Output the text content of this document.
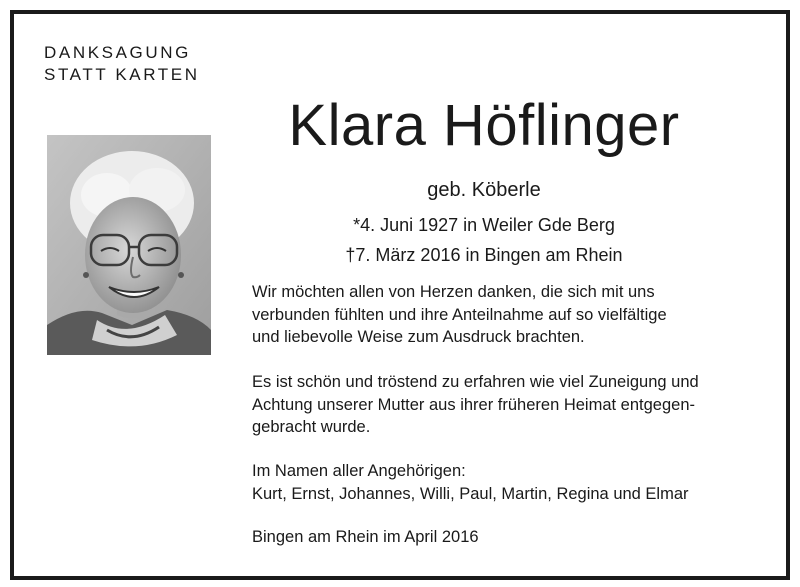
DANKSAGUNG
STATT KARTEN
Klara Höflinger
geb. Köberle
*4. Juni 1927 in Weiler Gde Berg
†7. März 2016 in Bingen am Rhein
Wir möchten allen von Herzen danken, die sich mit uns
verbunden fühlten und ihre Anteilnahme auf so vielfältige
und liebevolle Weise zum Ausdruck brachten.
Es ist schön und tröstend zu erfahren wie viel Zuneigung und
Achtung unserer Mutter aus ihrer früheren Heimat entgegen-
gebracht wurde.
Im Namen aller Angehörigen:
Kurt, Ernst, Johannes, Willi, Paul, Martin, Regina und Elmar
Bingen am Rhein im April 2016
